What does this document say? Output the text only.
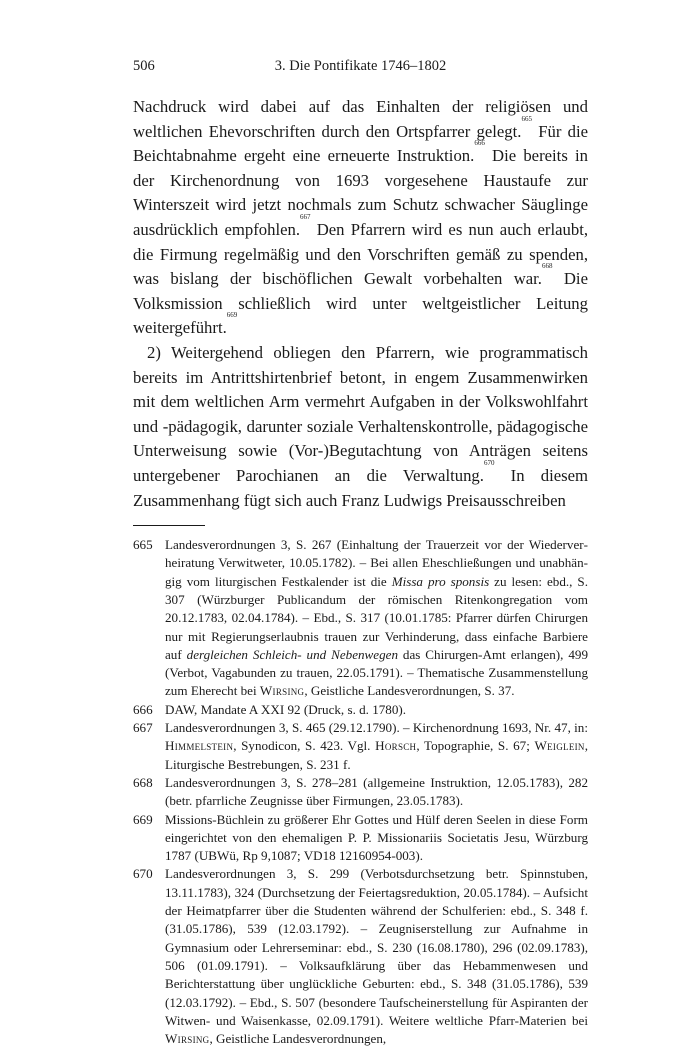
506	3. Die Pontifikate 1746–1802

Nachdruck wird dabei auf das Einhalten der religiösen und weltlichen Ehevorschriften durch den Ortspfarrer gelegt.$^{665}$ Für die Beichtabnahme ergeht eine erneuerte Instruktion.$^{666}$ Die bereits in der Kirchenordnung von 1693 vorgesehene Haustaufe zur Winterszeit wird jetzt nochmals zum Schutz schwacher Säuglinge ausdrücklich empfohlen.$^{667}$ Den Pfarrern wird es nun auch erlaubt, die Firmung regelmäßig und den Vorschriften gemäß zu spenden, was bislang der bischöflichen Gewalt vorbehalten war.$^{668}$ Die Volksmission schließlich wird unter weltgeistlicher Leitung weitergeführt.$^{669}$

2) Weitergehend obliegen den Pfarrern, wie programmatisch bereits im Antrittshirtenbrief betont, in engem Zusammenwirken mit dem weltlichen Arm vermehrt Aufgaben in der Volkswohlfahrt und -pädagogik, darunter soziale Verhaltenskontrolle, pädagogische Unterweisung sowie (Vor-)Begutachtung von Anträgen seitens untergebener Parochianen an die Verwaltung.$^{670}$ In diesem Zusammenhang fügt sich auch Franz Ludwigs Preisausschreiben

665 Landesverordnungen 3, S. 267 (Einhaltung der Trauerzeit vor der Wiederverheiratung Verwitweter, 10.05.1782). – Bei allen Eheschließungen und unabhängig vom liturgischen Festkalender ist die Missa pro sponsis zu lesen: ebd., S. 307 (Würzburger Publicandum der römischen Ritenkongregation vom 20.12.1783, 02.04.1784). – Ebd., S. 317 (10.01.1785: Pfarrer dürfen Chirurgen nur mit Regierungserlaubnis trauen zur Verhinderung, dass einfache Barbiere auf dergleichen Schleich- und Nebenwegen das Chirurgen-Amt erlangen), 499 (Verbot, Vagabunden zu trauen, 22.05.1791). – Thematische Zusammenstellung zum Eherecht bei Wirsing, Geistliche Landesverordnungen, S. 37.
666 DAW, Mandate A XXI 92 (Druck, s. d. 1780).
667 Landesverordnungen 3, S. 465 (29.12.1790). – Kirchenordnung 1693, Nr. 47, in: Himmelstein, Synodicon, S. 423. Vgl. Horsch, Topographie, S. 67; Weiglein, Liturgische Bestrebungen, S. 231 f.
668 Landesverordnungen 3, S. 278–281 (allgemeine Instruktion, 12.05.1783), 282 (betr. pfarrliche Zeugnisse über Firmungen, 23.05.1783).
669 Missions-Büchlein zu größerer Ehr Gottes und Hülf deren Seelen in diese Form eingerichtet von den ehemaligen P. P. Missionariis Societatis Jesu, Würzburg 1787 (UBWü, Rp 9,1087; VD18 12160954-003).
670 Landesverordnungen 3, S. 299 (Verbotsdurchsetzung betr. Spinnstuben, 13.11.1783), 324 (Durchsetzung der Feiertagsreduktion, 20.05.1784). – Aufsicht der Heimatpfarrer über die Studenten während der Schulferien: ebd., S. 348 f. (31.05.1786), 539 (12.03.1792). – Zeugniserstellung zur Aufnahme in Gymnasium oder Lehrerseminar: ebd., S. 230 (16.08.1780), 296 (02.09.1783), 506 (01.09.1791). – Volksaufklärung über das Hebammenwesen und Berichterstattung über unglückliche Geburten: ebd., S. 348 (31.05.1786), 539 (12.03.1792). – Ebd., S. 507 (besondere Taufscheinerstellung für Aspiranten der Witwen- und Waisenkasse, 02.09.1791). Weitere weltliche Pfarr-Materien bei Wirsing, Geistliche Landesverordnungen,
